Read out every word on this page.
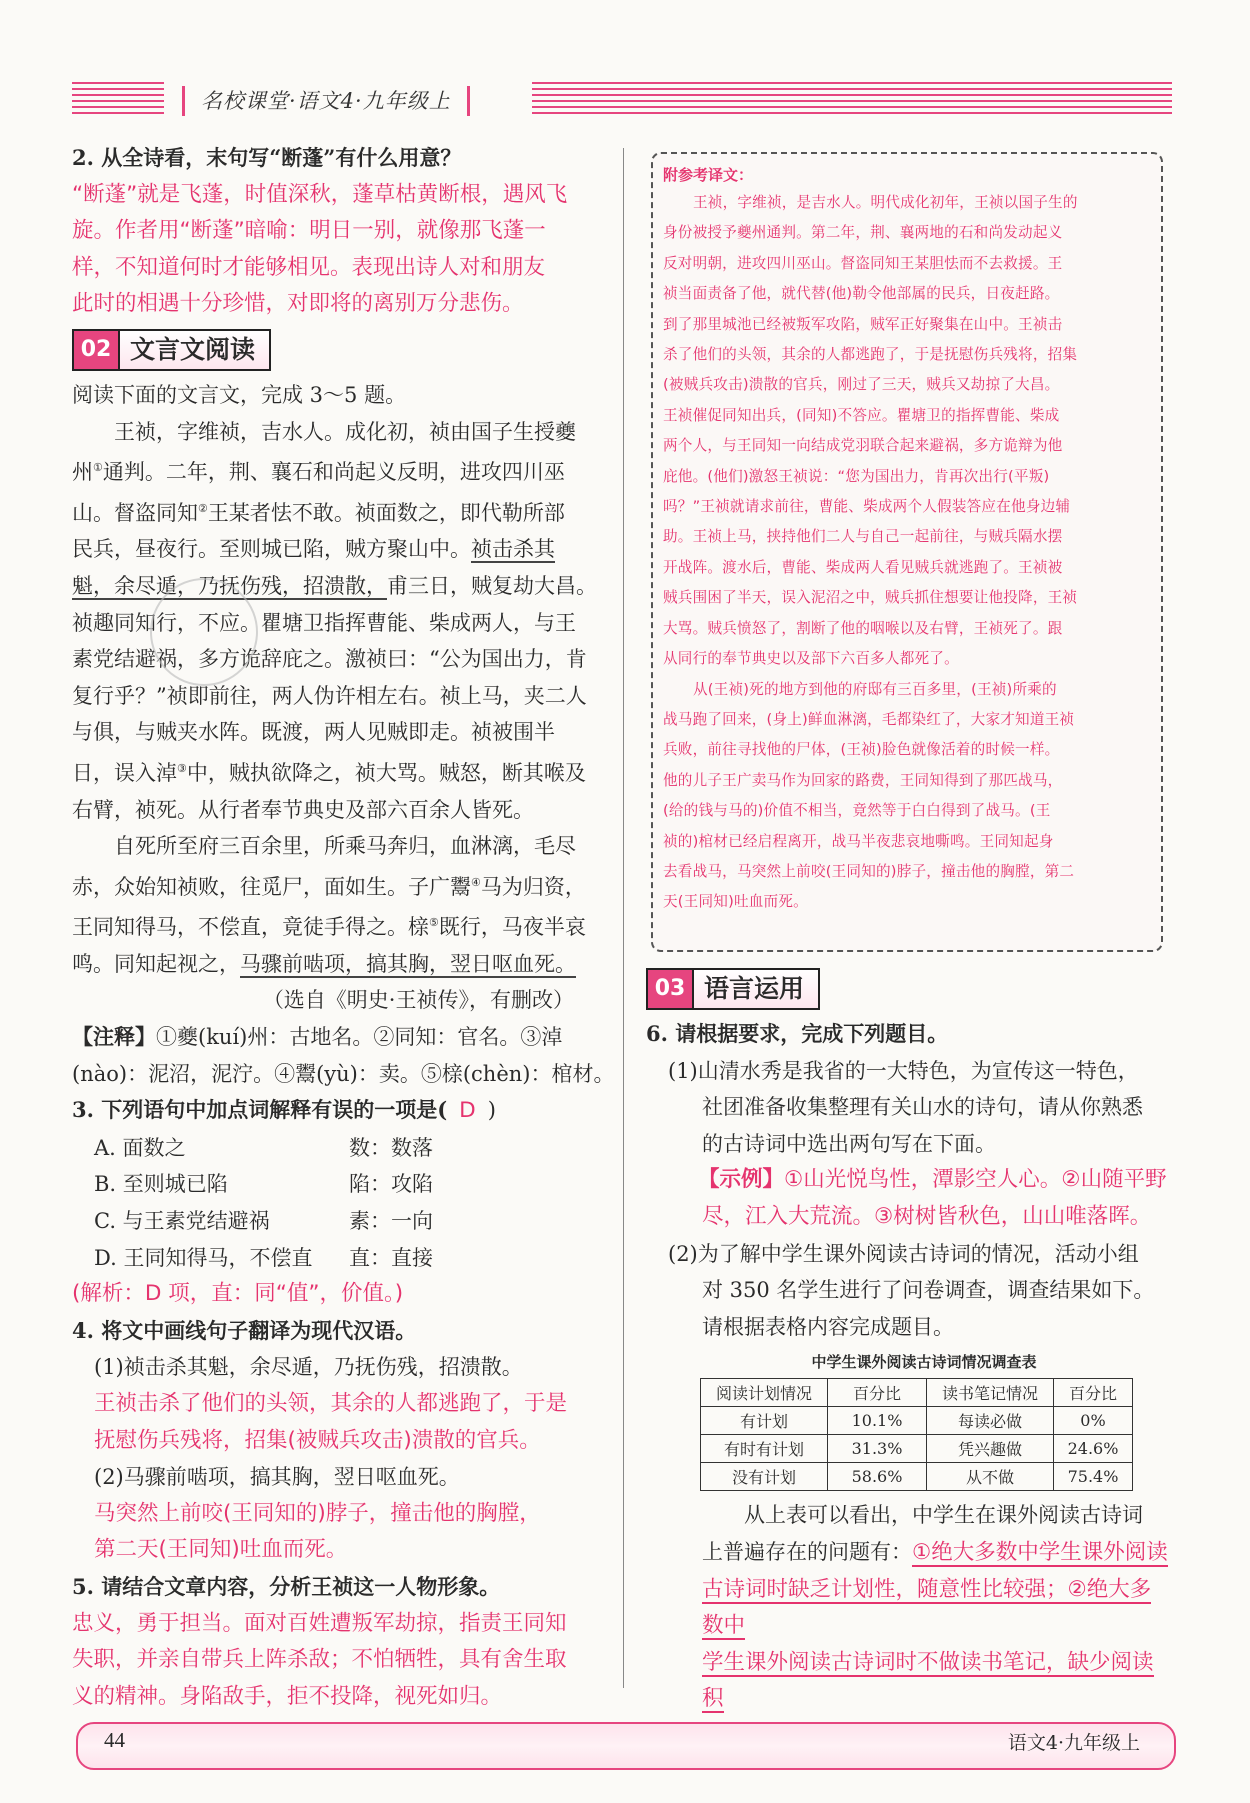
名校课堂·语文4·九年级上
2. 从全诗看，末句写“断蓬”有什么用意？
“断蓬”就是飞蓬，时值深秋，蓬草枯黄断根，遇风飞
旋。作者用“断蓬”暗喻：明日一别，就像那飞蓬一
样，不知道何时才能够相见。表现出诗人对和朋友
此时的相遇十分珍惜，对即将的离别万分悲伤。
02 文言文阅读
阅读下面的文言文，完成 3～5 题。
王祯，字维祯，吉水人。成化初，祯由国子生授夔
州①通判。二年，荆、襄石和尚起义反明，进攻四川巫
山。督盗同知②王某者怯不敢。祯面数之，即代勒所部
民兵，昼夜行。至则城已陷，贼方聚山中。祯击杀其
魁，余尽遁，乃抚伤残，招溃散，甫三日，贼复劫大昌。
祯趣同知行，不应。瞿塘卫指挥曹能、柴成两人，与王
素党结避祸，多方诡辞庇之。激祯曰：“公为国出力，肯
复行乎？”祯即前往，两人伪许相左右。祯上马，夹二人
与俱，与贼夹水阵。既渡，两人见贼即走。祯被围半
日，误入淖③中，贼执欲降之，祯大骂。贼怒，断其喉及
右臂，祯死。从行者奉节典史及部六百余人皆死。
自死所至府三百余里，所乘马奔归，血淋漓，毛尽
赤，众始知祯败，往觅尸，面如生。子广鬻④马为归资，
王同知得马，不偿直，竟徒手得之。榇⑤既行，马夜半哀
鸣。同知起视之，马骤前啮项，搞其胸，翌日呕血死。
（选自《明史·王祯传》，有删改）
【注释】①夔(kuí)州：古地名。②同知：官名。③淖
(nào)：泥沼，泥泞。④鬻(yù)：卖。⑤榇(chèn)：棺材。
3. 下列语句中加点词解释有误的一项是( D )
A. 面数之	数：数落
B. 至则城已陷	陷：攻陷
C. 与王素党结避祸	素：一向
D. 王同知得马，不偿直 直：直接
(解析：D 项，直：同“值”，价值。)
4. 将文中画线句子翻译为现代汉语。
(1)祯击杀其魁，余尽遁，乃抚伤残，招溃散。
王祯击杀了他们的头领，其余的人都逃跑了，于是
抚慰伤兵残将，招集(被贼兵攻击)溃散的官兵。
(2)马骤前啮项，搞其胸，翌日呕血死。
马突然上前咬(王同知的)脖子，撞击他的胸膛，
第二天(王同知)吐血而死。
5. 请结合文章内容，分析王祯这一人物形象。
忠义，勇于担当。面对百姓遭叛军劫掠，指责王同知
失职，并亲自带兵上阵杀敌；不怕牺牲，具有舍生取
义的精神。身陷敌手，拒不投降，视死如归。
附参考译文：
王祯，字维祯，是吉水人。明代成化初年，王祯以国子生的
身份被授予夔州通判。第二年，荆、襄两地的石和尚发动起义
反对明朝，进攻四川巫山。督盗同知王某胆怯而不去救援。王
祯当面责备了他，就代替(他)勒令他部属的民兵，日夜赶路。
到了那里城池已经被叛军攻陷，贼军正好聚集在山中。王祯击
杀了他们的头领，其余的人都逃跑了，于是抚慰伤兵残将，招集
(被贼兵攻击)溃散的官兵，刚过了三天，贼兵又劫掠了大昌。
王祯催促同知出兵，(同知)不答应。瞿塘卫的指挥曹能、柴成
两个人，与王同知一向结成党羽联合起来避祸，多方诡辩为他
庇他。(他们)激怒王祯说：“您为国出力，肯再次出行(平叛)
吗？”王祯就请求前往，曹能、柴成两个人假装答应在他身边辅
助。王祯上马，挟持他们二人与自己一起前往，与贼兵隔水摆
开战阵。渡水后，曹能、柴成两人看见贼兵就逃跑了。王祯被
贼兵围困了半天，误入泥沼之中，贼兵抓住想要让他投降，王祯
大骂。贼兵愤怒了，割断了他的咽喉以及右臂，王祯死了。跟
从同行的奉节典史以及部下六百多人都死了。
从(王祯)死的地方到他的府邸有三百多里，(王祯)所乘的
战马跑了回来，(身上)鲜血淋漓，毛都染红了，大家才知道王祯
兵败，前往寻找他的尸体，(王祯)脸色就像活着的时候一样。
他的儿子王广卖马作为回家的路费，王同知得到了那匹战马，
(给的钱与马的)价值不相当，竟然等于白白得到了战马。(王
祯的)棺材已经启程离开，战马半夜悲哀地嘶鸣。王同知起身
去看战马，马突然上前咬(王同知的)脖子，撞击他的胸膛，第二
天(王同知)吐血而死。
03 语言运用
6. 请根据要求，完成下列题目。
(1)山清水秀是我省的一大特色，为宣传这一特色，
社团准备收集整理有关山水的诗句，请从你熟悉
的古诗词中选出两句写在下面。
【示例】①山光悦鸟性，潭影空人心。②山随平野
尽，江入大荒流。③树树皆秋色，山山唯落晖。
(2)为了解中学生课外阅读古诗词的情况，活动小组
对 350 名学生进行了问卷调查，调查结果如下。
请根据表格内容完成题目。
中学生课外阅读古诗词情况调查表
阅读计划情况	百分比	读书笔记情况	百分比
有计划	10.1%	每读必做	0%
有时有计划	31.3%	凭兴趣做	24.6%
没有计划	58.6%	从不做	75.4%
从上表可以看出，中学生在课外阅读古诗词
上普遍存在的问题有：①绝大多数中学生课外阅读
古诗词时缺乏计划性，随意性比较强；②绝大多数中
学生课外阅读古诗词时不做读书笔记，缺少阅读积
44	语文4·九年级上
